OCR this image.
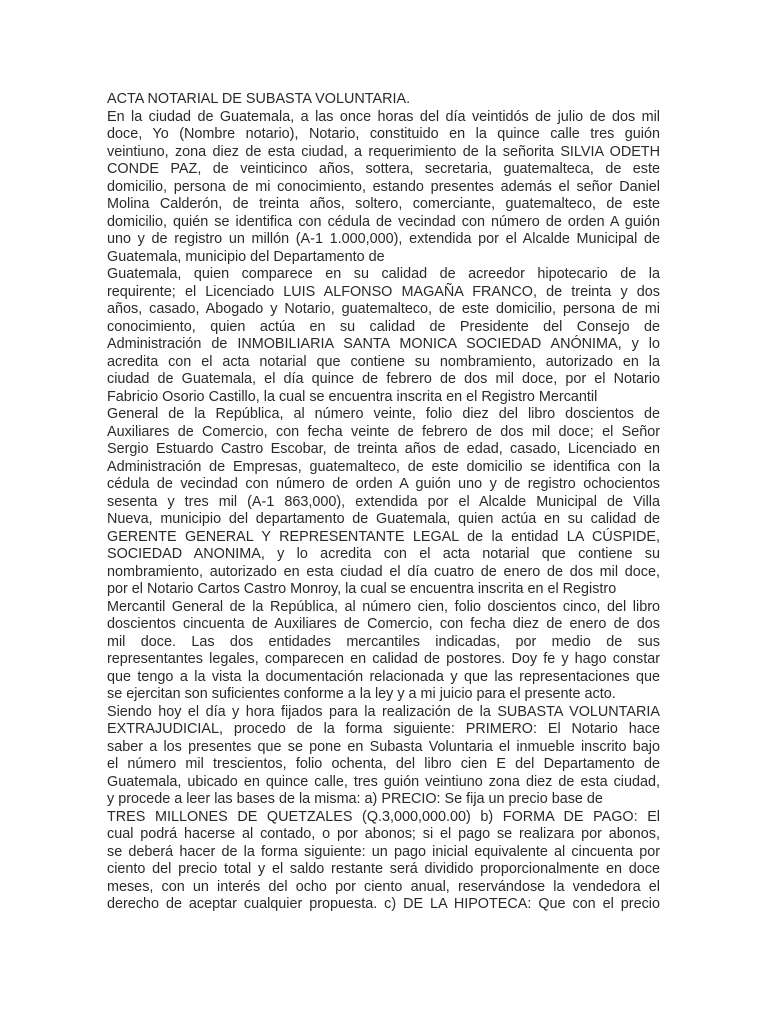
ACTA NOTARIAL DE SUBASTA VOLUNTARIA.
En la ciudad de Guatemala, a las once horas del día veintidós de julio de dos mil
doce, Yo (Nombre notario), Notario, constituido en la quince calle tres guión
veintiuno, zona diez de esta ciudad, a requerimiento de la señorita SILVIA ODETH
CONDE PAZ, de veinticinco años, sottera, secretaria, guatemalteca, de este
domicilio, persona de mi conocimiento, estando presentes además el señor Daniel
Molina Calderón, de treinta años, soltero, comerciante, guatemalteco, de este
domicilio, quién se identifica con cédula de vecindad con número de orden A guión
uno y de registro un millón (A-1 1.000,000), extendida por el Alcalde Municipal de
Guatemala, municipio del Departamento de
Guatemala, quien comparece en su calidad de acreedor hipotecario de la
requirente; el Licenciado LUIS ALFONSO MAGAÑA FRANCO, de treinta y dos
años, casado, Abogado y Notario, guatemalteco, de este domicilio, persona de mi
conocimiento, quien actúa en su calidad de Presidente del Consejo de
Administración de INMOBILIARIA SANTA MONICA SOCIEDAD ANÓNIMA, y lo
acredita con el acta notarial que contiene su nombramiento, autorizado en la
ciudad de Guatemala, el día quince de febrero de dos mil doce, por el Notario
Fabricio Osorio Castillo, la cual se encuentra inscrita en el Registro Mercantil
General de la República, al número veinte, folio diez del libro doscientos de
Auxiliares de Comercio, con fecha veinte de febrero de dos mil doce; el Señor
Sergio Estuardo Castro Escobar, de treinta años de edad, casado, Licenciado en
Administración de Empresas, guatemalteco, de este domicilio se identifica con la
cédula de vecindad con número de orden A guión uno y de registro ochocientos
sesenta y tres mil (A-1 863,000), extendida por el Alcalde Municipal de Villa
Nueva, municipio del departamento de Guatemala, quien actúa en su calidad de
GERENTE GENERAL Y REPRESENTANTE LEGAL de la entidad LA CÚSPIDE,
SOCIEDAD ANONIMA, y lo acredita con el acta notarial que contiene su
nombramiento, autorizado en esta ciudad el día cuatro de enero de dos mil doce,
por el Notario Cartos Castro Monroy, la cual se encuentra inscrita en el Registro
Mercantil General de la República, al número cien, folio doscientos cinco, del libro
doscientos cincuenta de Auxiliares de Comercio, con fecha diez de enero de dos
mil doce. Las dos entidades mercantiles indicadas, por medio de sus
representantes legales, comparecen en calidad de postores. Doy fe y hago constar
que tengo a la vista la documentación relacionada y que las representaciones que
se ejercitan son suficientes conforme a la ley y a mi juicio para el presente acto.
Siendo hoy el día y hora fijados para la realización de la SUBASTA VOLUNTARIA
EXTRAJUDICIAL, procedo de la forma siguiente: PRIMERO: El Notario hace
saber a los presentes que se pone en Subasta Voluntaria el inmueble inscrito bajo
el número mil trescientos, folio ochenta, del libro cien E del Departamento de
Guatemala, ubicado en quince calle, tres guión veintiuno zona diez de esta ciudad,
y procede a leer las bases de la misma: a) PRECIO: Se fija un precio base de
TRES MILLONES DE QUETZALES (Q.3,000,000.00) b) FORMA DE PAGO: El
cual podrá hacerse al contado, o por abonos; si el pago se realizara por abonos,
se deberá hacer de la forma siguiente: un pago inicial equivalente al cincuenta por
ciento del precio total y el saldo restante será dividido proporcionalmente en doce
meses, con un interés del ocho por ciento anual, reservándose la vendedora el
derecho de aceptar cualquier propuesta. c) DE LA HIPOTECA: Que con el precio
